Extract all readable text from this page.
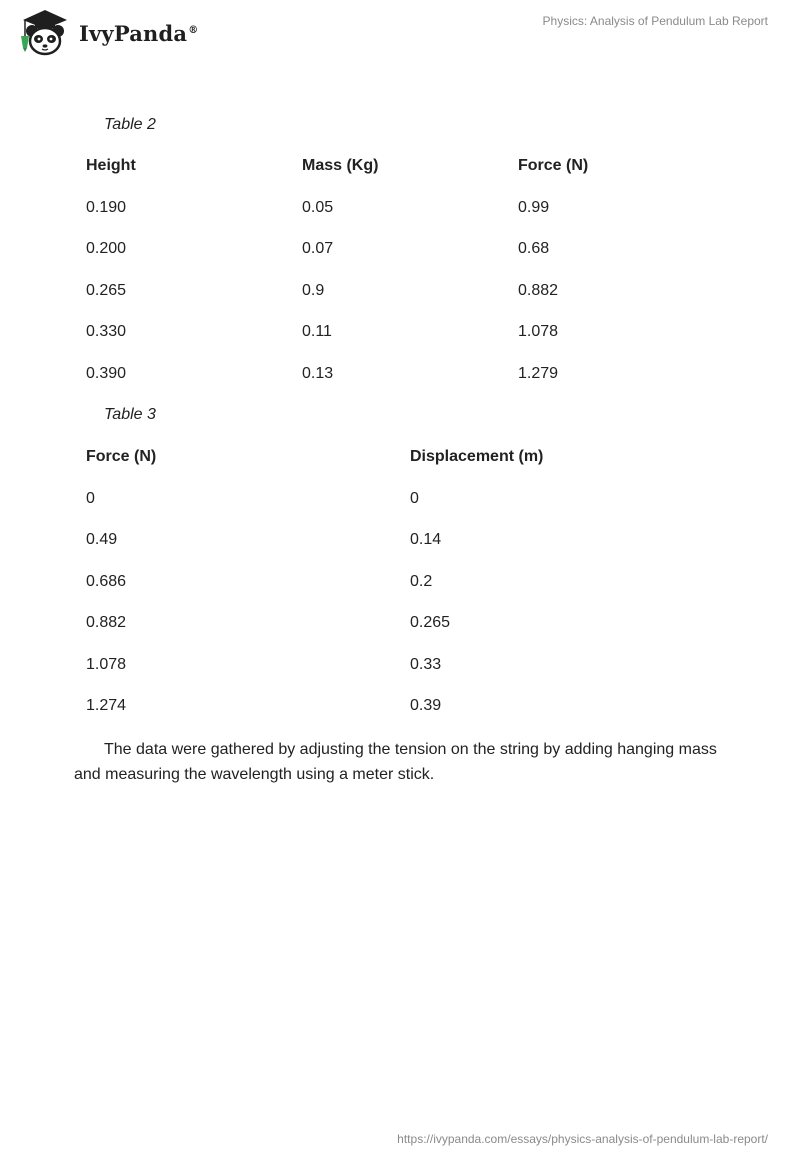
IvyPanda®
Physics: Analysis of Pendulum Lab Report
Table 2
Height	Mass (Kg)	Force (N)
0.190	0.05	0.99
0.200	0.07	0.68
0.265	0.9	0.882
0.330	0.11	1.078
0.390	0.13	1.279
Table 3
Force (N)	Displacement (m)
0	0
0.49	0.14
0.686	0.2
0.882	0.265
1.078	0.33
1.274	0.39
The data were gathered by adjusting the tension on the string by adding hanging mass and measuring the wavelength using a meter stick.
https://ivypanda.com/essays/physics-analysis-of-pendulum-lab-report/
